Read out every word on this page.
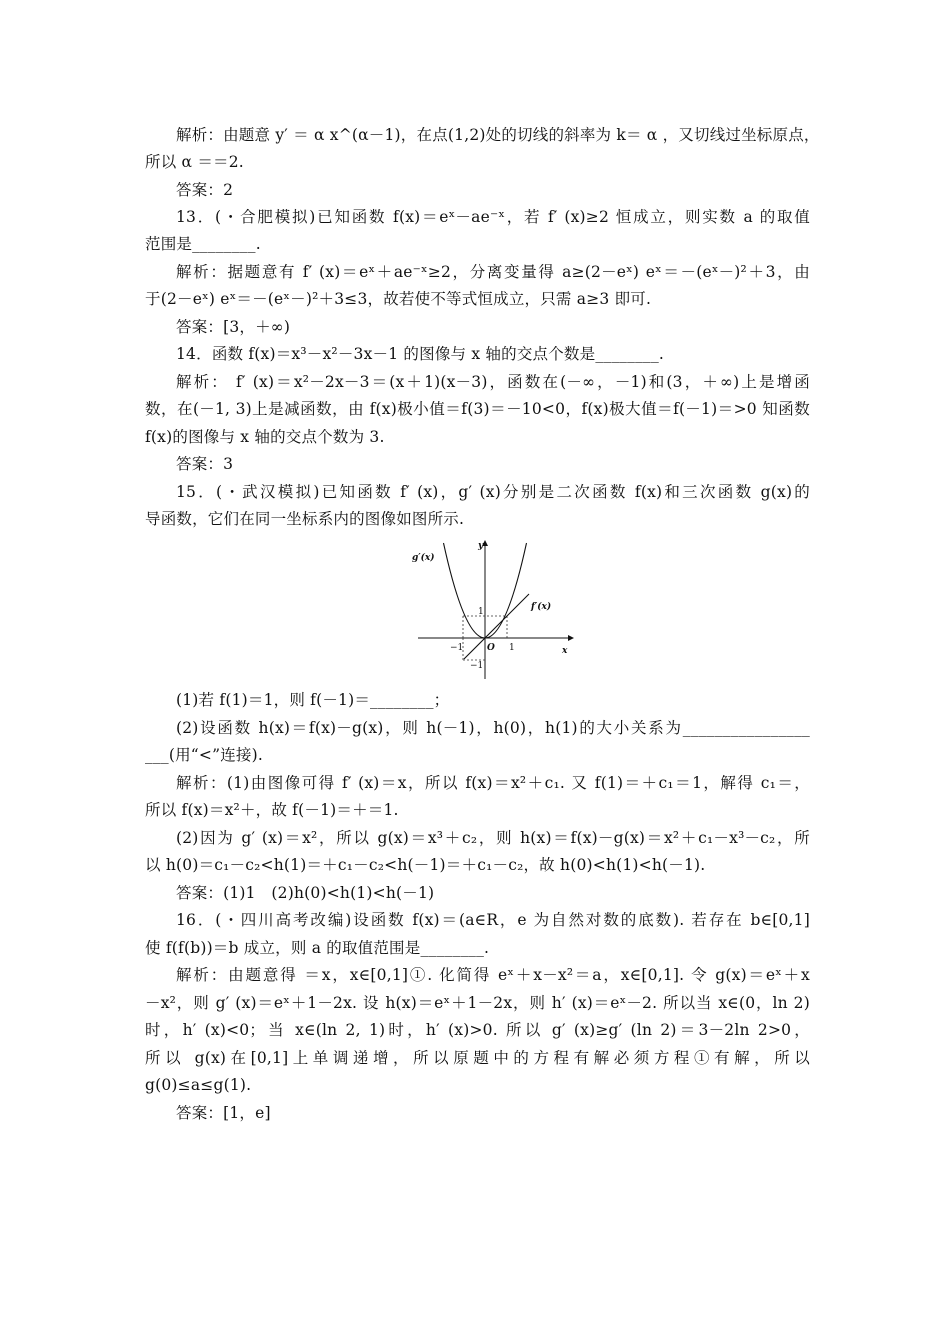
解析：由题意 y′ ＝ α x^(α－1)，在点(1,2)处的切线的斜率为 k＝ α ，又切线过坐标原点，
所以 α ＝＝2.
答案：2
13．(・合肥模拟)已知函数 f(x)＝eˣ－ae⁻ˣ，若 f′ (x)≥2 恒成立，则实数 a 的取值
范围是________.
解析：据题意有 f′ (x)＝eˣ＋ae⁻ˣ≥2，分离变量得 a≥(2－eˣ) eˣ＝－(eˣ－)²＋3，由
于(2－eˣ) eˣ＝－(eˣ－)²＋3≤3，故若使不等式恒成立，只需 a≥3 即可.
答案：[3，＋∞)
14．函数 f(x)＝x³－x²－3x－1 的图像与 x 轴的交点个数是________.
解析： f′ (x)＝x²－2x－3＝(x＋1)(x－3)，函数在(－∞，－1)和(3，＋∞)上是增函
数，在(－1, 3)上是减函数，由 f(x)极小值＝f(3)＝－10<0，f(x)极大值＝f(－1)＝>0 知函数
f(x)的图像与 x 轴的交点个数为 3.
答案：3
15．(・武汉模拟)已知函数 f′ (x)，g′ (x)分别是二次函数 f(x)和三次函数 g(x)的
导函数，它们在同一坐标系内的图像如图所示.
g′(x)
f′(x)
y
x
O
1
−1	1
−1
(1)若 f(1)＝1，则 f(－1)＝________；
(2)设函数 h(x)＝f(x)－g(x)，则 h(－1)，h(0)，h(1)的大小关系为________________
___(用“<”连接).
解析：(1)由图像可得 f′ (x)＝x，所以 f(x)＝x²＋c₁. 又 f(1)＝＋c₁＝1，解得 c₁＝，
所以 f(x)＝x²＋，故 f(－1)＝＋＝1.
(2)因为 g′ (x)＝x²，所以 g(x)＝x³＋c₂，则 h(x)＝f(x)－g(x)＝x²＋c₁－x³－c₂，所
以 h(0)＝c₁－c₂<h(1)＝＋c₁－c₂<h(－1)＝＋c₁－c₂，故 h(0)<h(1)<h(－1).
答案：(1)1　(2)h(0)<h(1)<h(－1)
16．(・四川高考改编)设函数 f(x)＝(a∈R，e 为自然对数的底数). 若存在 b∈[0,1]
使 f(f(b))＝b 成立，则 a 的取值范围是________.
解析：由题意得 ＝x，x∈[0,1]①. 化简得 eˣ＋x－x²＝a，x∈[0,1]. 令 g(x)＝eˣ＋x
－x²，则 g′ (x)＝eˣ＋1－2x. 设 h(x)＝eˣ＋1－2x，则 h′ (x)＝eˣ－2. 所以当 x∈(0，ln 2)
时，h′ (x)<0；当 x∈(ln 2, 1)时，h′ (x)>0. 所以 g′ (x)≥g′ (ln 2)＝3－2ln 2>0，
所以 g(x)在[0,1]上单调递增，所以原题中的方程有解必须方程①有解，所以
g(0)≤a≤g(1).
答案：[1，e]
